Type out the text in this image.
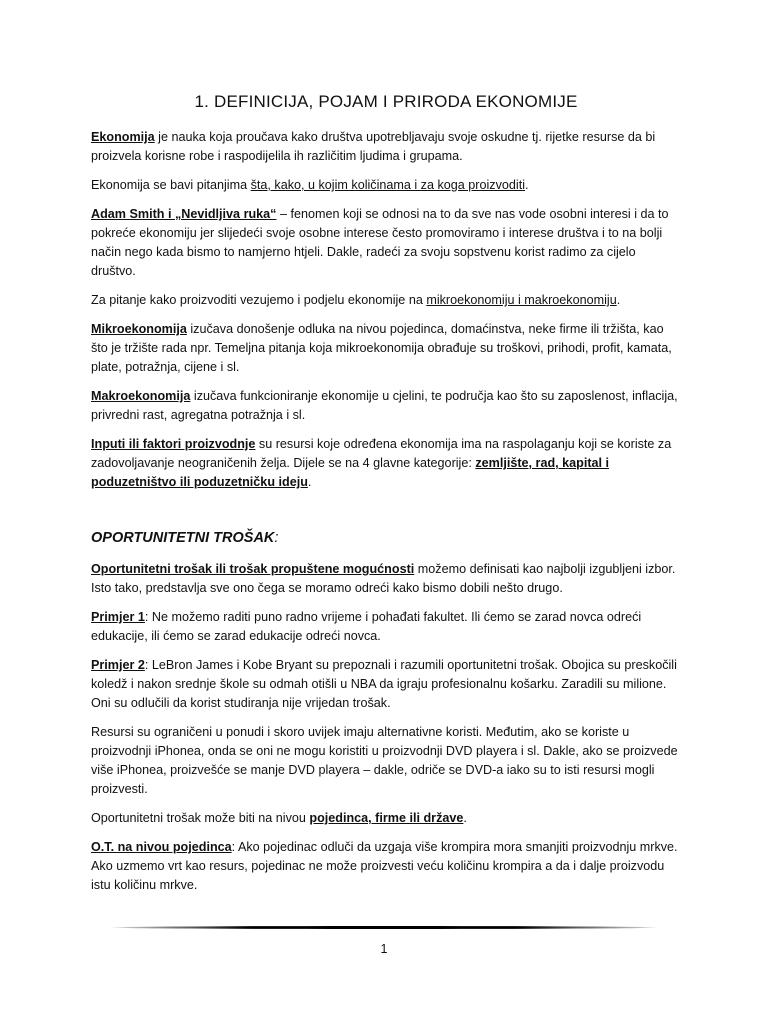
1. DEFINICIJA, POJAM I PRIRODA EKONOMIJE

Ekonomija je nauka koja proučava kako društva upotrebljavaju svoje oskudne tj. rijetke resurse da bi proizvela korisne robe i raspodijelila ih različitim ljudima i grupama.

Ekonomija se bavi pitanjima šta, kako, u kojim količinama i za koga proizvoditi.

Adam Smith i „Nevidljiva ruka“ – fenomen koji se odnosi na to da sve nas vode osobni interesi i da to pokreće ekonomiju jer slijedeći svoje osobne interese često promoviramo i interese društva i to na bolji način nego kada bismo to namjerno htjeli. Dakle, radeći za svoju sopstvenu korist radimo za cijelo društvo.

Za pitanje kako proizvoditi vezujemo i podjelu ekonomije na mikroekonomiju i makroekonomiju.

Mikroekonomija izučava donošenje odluka na nivou pojedinca, domaćinstva, neke firme ili tržišta, kao što je tržište rada npr. Temeljna pitanja koja mikroekonomija obrađuje su troškovi, prihodi, profit, kamata, plate, potražnja, cijene i sl.

Makroekonomija izučava funkcioniranje ekonomije u cjelini, te područja kao što su zaposlenost, inflacija, privredni rast, agregatna potražnja i sl.

Inputi ili faktori proizvodnje su resursi koje određena ekonomija ima na raspolaganju koji se koriste za zadovoljavanje neograničenih želja. Dijele se na 4 glavne kategorije: zemljište, rad, kapital i poduzetništvo ili poduzetničku ideju.

OPORTUNITETNI TROŠAK:

Oportunitetni trošak ili trošak propuštene mogućnosti možemo definisati kao najbolji izgubljeni izbor. Isto tako, predstavlja sve ono čega se moramo odreći kako bismo dobili nešto drugo.

Primjer 1: Ne možemo raditi puno radno vrijeme i pohađati fakultet. Ili ćemo se zarad novca odreći edukacije, ili ćemo se zarad edukacije odreći novca.

Primjer 2: LeBron James i Kobe Bryant su prepoznali i razumili oportunitetni trošak. Obojica su preskočili koledž i nakon srednje škole su odmah otišli u NBA da igraju profesionalnu košarku. Zaradili su milione. Oni su odlučili da korist studiranja nije vrijedan trošak.

Resursi su ograničeni u ponudi i skoro uvijek imaju alternativne koristi. Međutim, ako se koriste u proizvodnji iPhonea, onda se oni ne mogu koristiti u proizvodnji DVD playera i sl. Dakle, ako se proizvede više iPhonea, proizvešće se manje DVD playera – dakle, odriče se DVD-a iako su to isti resursi mogli proizvesti.

Oportunitetni trošak može biti na nivou pojedinca, firme ili države.

O.T. na nivou pojedinca: Ako pojedinac odluči da uzgaja više krompira mora smanjiti proizvodnju mrkve. Ako uzmemo vrt kao resurs, pojedinac ne može proizvesti veću količinu krompira a da i dalje proizvodu istu količinu mrkve.

1
